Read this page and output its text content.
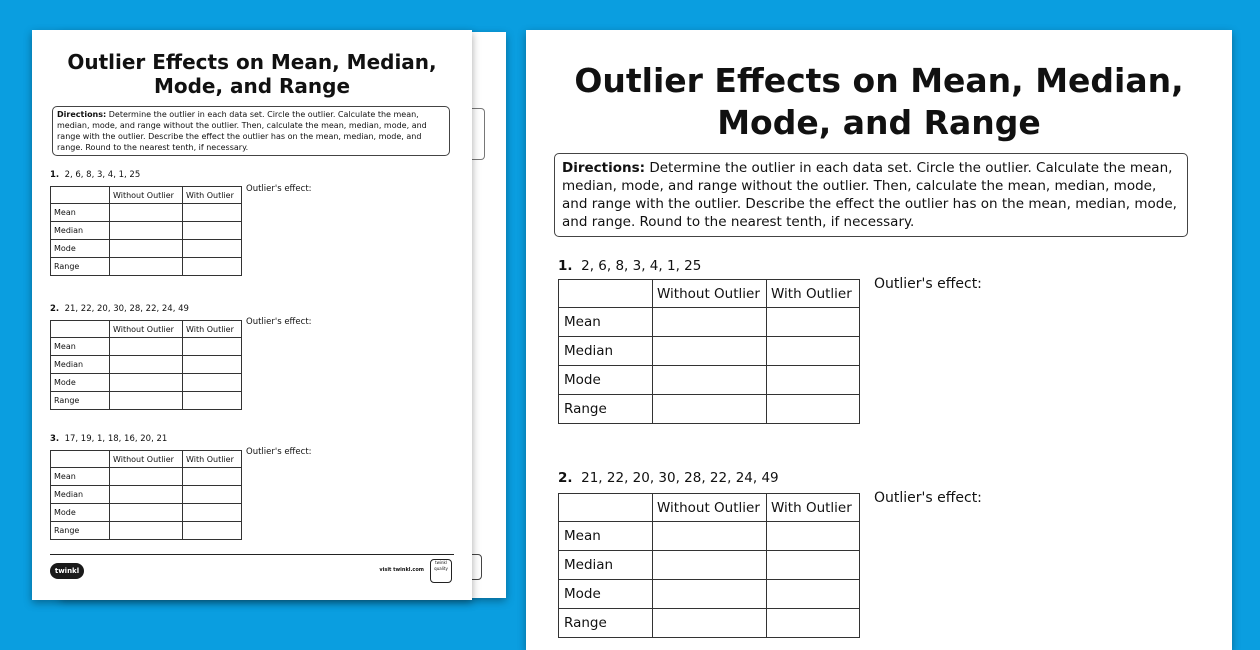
Outlier Effects on Mean, Median, Mode, and Range
Directions: Determine the outlier in each data set. Circle the outlier. Calculate the mean, median, mode, and range without the outlier. Then, calculate the mean, median, mode, and range with the outlier. Describe the effect the outlier has on the mean, median, mode, and range. Round to the nearest tenth, if necessary.
1. 2, 6, 8, 3, 4, 1, 25
	Without Outlier	With Outlier
Mean		
Median		
Mode		
Range		
Outlier's effect:
2. 21, 22, 20, 30, 28, 22, 24, 49
	Without Outlier	With Outlier
Mean		
Median		
Mode		
Range		
Outlier's effect:
3. 17, 19, 1, 18, 16, 20, 21
	Without Outlier	With Outlier
Mean		
Median		
Mode		
Range		
Outlier's effect:
twinkl	visit twinkl.com
twinkl quality
Outlier Effects on Mean, Median, Mode, and Range
Directions: Determine the outlier in each data set. Circle the outlier. Calculate the mean, median, mode, and range without the outlier. Then, calculate the mean, median, mode, and range with the outlier. Describe the effect the outlier has on the mean, median, mode, and range. Round to the nearest tenth, if necessary.
1. 2, 6, 8, 3, 4, 1, 25
	Without Outlier	With Outlier
Mean		
Median		
Mode		
Range		
Outlier's effect:
2. 21, 22, 20, 30, 28, 22, 24, 49
	Without Outlier	With Outlier
Mean		
Median		
Mode		
Range		
Outlier's effect:
